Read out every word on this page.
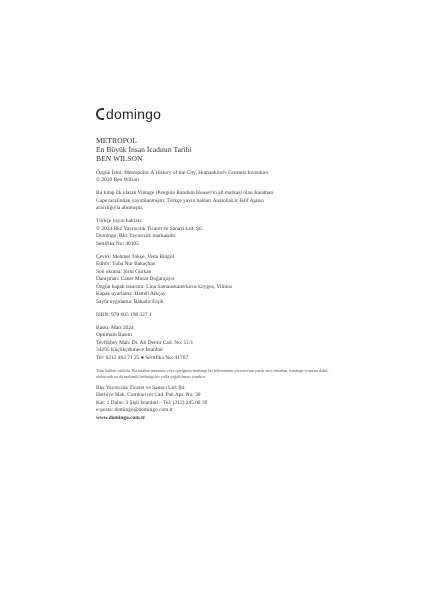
domingo
METROPOL
En Büyük İnsan İcadının Tarihi
BEN WILSON
Özgün İsmi: Metropolis: A History of the City, Humankind's Greatest Invention
© 2020 Ben Wilson
Bu kitap ilk olarak Vintage (Penguin Random House)'ın alt markası olan Jonathan
Cape tarafından yayımlanmıştır. Türkçe yayın hakları AnatoliaLit Telif Ajansı
aracılığıyla alınmıştır.
Türkçe yayın hakları:
© 2024 Bkz Yayıncılık Ticaret ve Sanayi Ltd. Şti.
Domingo, Bkz Yayıncılık markasıdır.
Sertifika No: 46105
Çeviri: Mehmet Tokçe, Veda Bingöl
Editör: Tuba Nur Bakaçhan
Son okuma: Şirin Gürkan
Danışman: Caner Murat Doğançayır
Özgün kapak tasarımı: Lina Samauskaitė/kiros knygos, Vilnius
Kapak uyarlama: Hamdi Alkçay
Sayfa uygulama: Bahadır Erşik
ISBN: 978 605 198 327 1
Baskı: Mart 2024
Optimum Basım
Tevfikbey Mah. Dr. Ali Demir Cad. No: 51/1
34295 Küçükçekmece İstanbul
Tel: 0212 463 71 25 ● Sertifika No: 41707
Tüm hakları saklıdır. Bu kitabın tümünün veya içeriğinin herhangi bir bölümünün yayınevinin yazılı izni olmadan, fotokopi yöntemi dahil, elektronik ya da mekanik herhangi bir yolla çoğaltılması yasaktır.
Bkz Yayıncılık Ticaret ve Sanayi Ltd. Şti.
Harbiye Mah. Cumhuriyet Cad. Pak Apt. No: 30
Kat: 1 Daire: 3 Şişli İstanbul – Tel: (212) 245 08 39
e-posta: domingo@domingo.com.tr
www.domingo.com.tr
